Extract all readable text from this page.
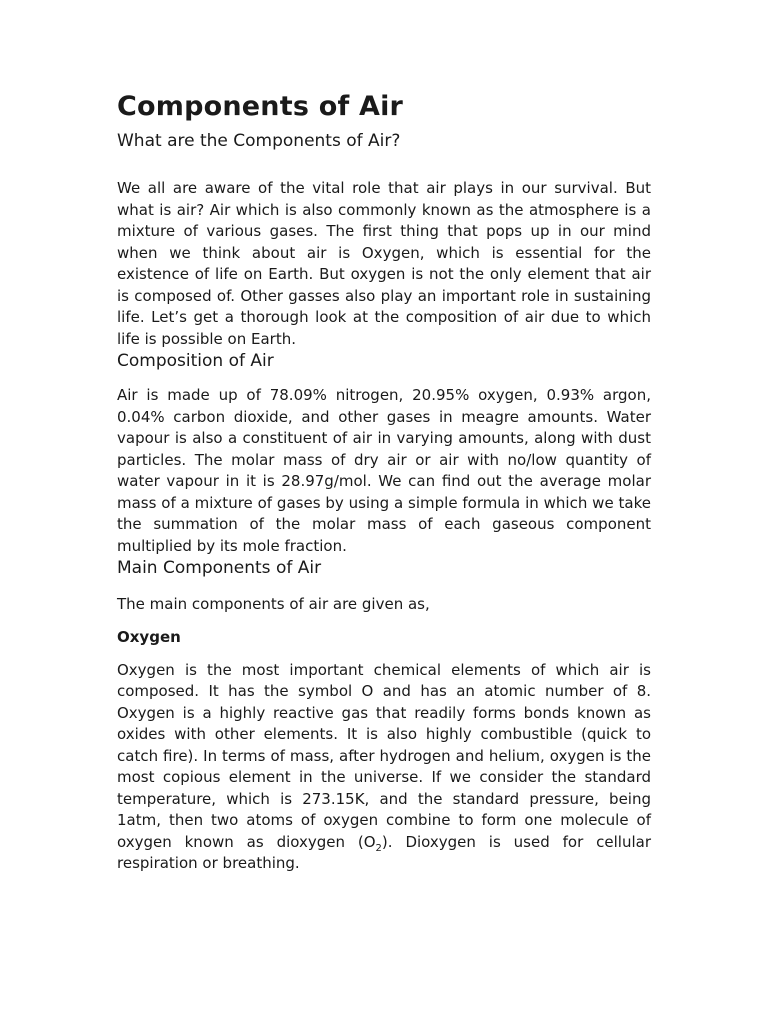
Components of Air
What are the Components of Air?

We all are aware of the vital role that air plays in our survival. But what is air? Air which is also commonly known as the atmosphere is a mixture of various gases. The first thing that pops up in our mind when we think about air is Oxygen, which is essential for the existence of life on Earth. But oxygen is not the only element that air is composed of. Other gasses also play an important role in sustaining life. Let’s get a thorough look at the composition of air due to which life is possible on Earth.

Composition of Air

Air is made up of 78.09% nitrogen, 20.95% oxygen, 0.93% argon, 0.04% carbon dioxide, and other gases in meagre amounts. Water vapour is also a constituent of air in varying amounts, along with dust particles. The molar mass of dry air or air with no/low quantity of water vapour in it is 28.97g/mol. We can find out the average molar mass of a mixture of gases by using a simple formula in which we take the summation of the molar mass of each gaseous component multiplied by its mole fraction.

Main Components of Air

The main components of air are given as,

Oxygen

Oxygen is the most important chemical elements of which air is composed. It has the symbol O and has an atomic number of 8. Oxygen is a highly reactive gas that readily forms bonds known as oxides with other elements. It is also highly combustible (quick to catch fire). In terms of mass, after hydrogen and helium, oxygen is the most copious element in the universe. If we consider the standard temperature, which is 273.15K, and the standard pressure, being 1atm, then two atoms of oxygen combine to form one molecule of oxygen known as dioxygen $(O_2)$. Dioxygen is used for cellular respiration or breathing.
